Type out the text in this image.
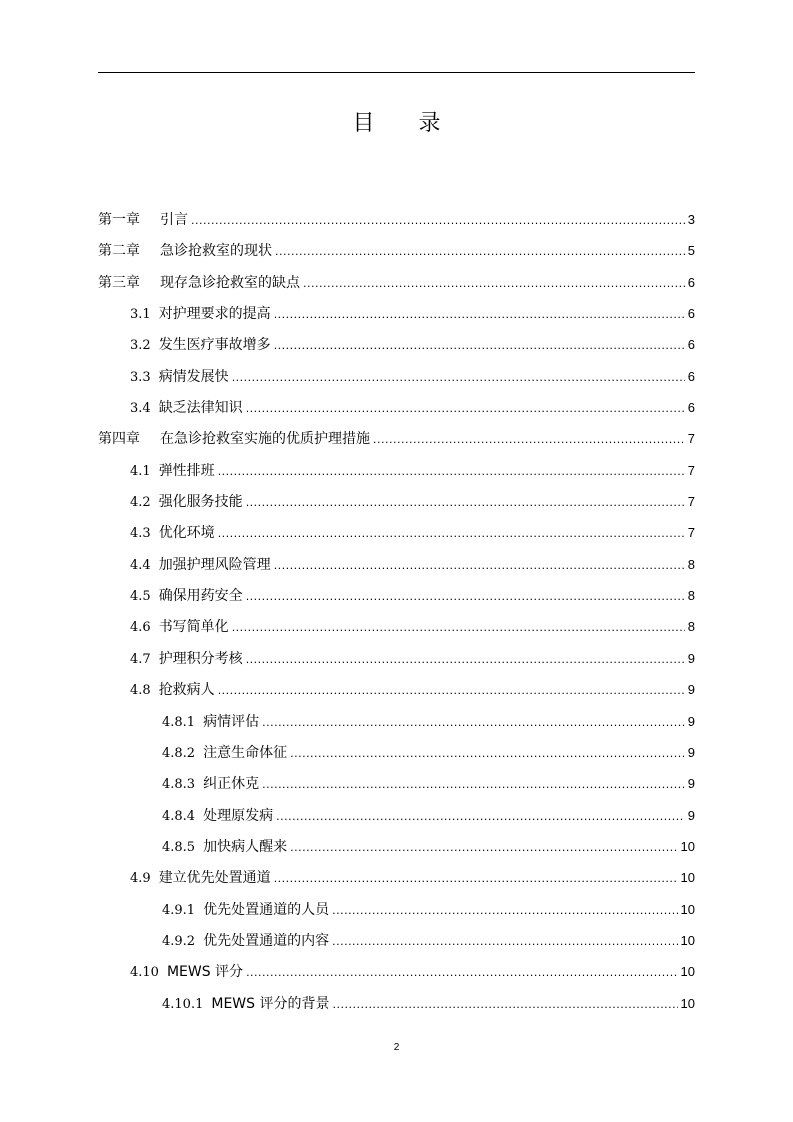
目录
第一章 引言 .....	3
第二章 急诊抢救室的现状 .....	5
第三章 现存急诊抢救室的缺点 .....	6
3.1 对护理要求的提高 .....	6
3.2 发生医疗事故增多 .....	6
3.3 病情发展快 .....	6
3.4 缺乏法律知识 .....	6
第四章 在急诊抢救室实施的优质护理措施 .....	7
4.1 弹性排班 .....	7
4.2 强化服务技能 .....	7
4.3 优化环境 .....	7
4.4 加强护理风险管理 .....	8
4.5 确保用药安全 .....	8
4.6 书写简单化 .....	8
4.7 护理积分考核 .....	9
4.8 抢救病人 .....	9
4.8.1 病情评估 .....	9
4.8.2 注意生命体征 .....	9
4.8.3 纠正休克 .....	9
4.8.4 处理原发病 .....	9
4.8.5 加快病人醒来 .....	10
4.9 建立优先处置通道 .....	10
4.9.1 优先处置通道的人员 .....	10
4.9.2 优先处置通道的内容 .....	10
4.10 MEWS 评分 .....	10
4.10.1 MEWS 评分的背景 .....	10
2
